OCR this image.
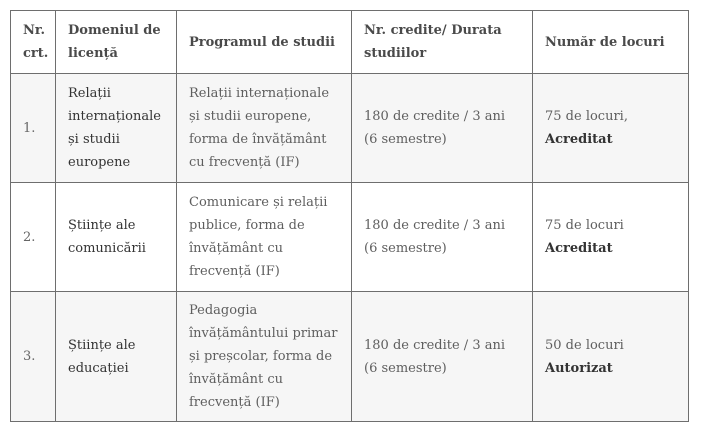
Nr. crt.	Domeniul de licență	Programul de studii	Nr. credite/ Durata studiilor	Număr de locuri
1.	Relații internaționale și studii europene	Relații internaționale și studii europene, forma de învățământ cu frecvență (IF)	180 de credite / 3 ani (6 semestre)	75 de locuri,
Acreditat

2.	Științe ale comunicării	Comunicare și relații publice, forma de învățământ cu frecvență (IF)	180 de credite / 3 ani (6 semestre)	75 de locuri
Acreditat

3.	Științe ale educației	Pedagogia învățământului primar și preșcolar, forma de învățământ cu frecvență (IF)	180 de credite / 3 ani (6 semestre)	50 de locuri
Autorizat
